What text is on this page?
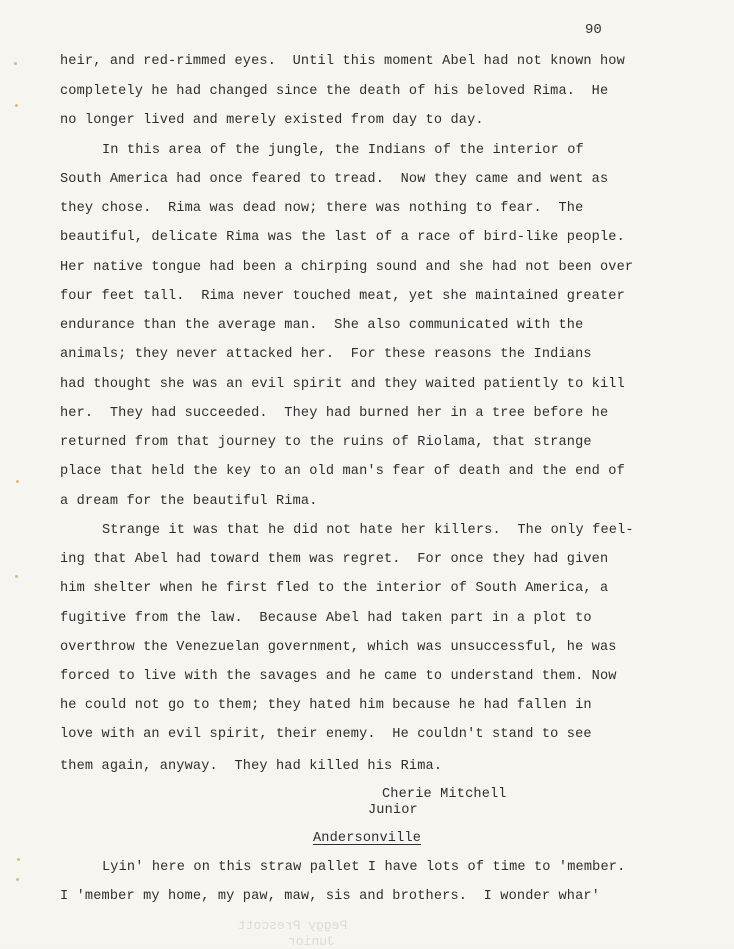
90
Peggy Prescott
Junior
heir, and red-rimmed eyes.  Until this moment Abel had not known how
completely he had changed since the death of his beloved Rima.  He
no longer lived and merely existed from day to day.
In this area of the jungle, the Indians of the interior of
South America had once feared to tread.  Now they came and went as
they chose.  Rima was dead now; there was nothing to fear.  The
beautiful, delicate Rima was the last of a race of bird-like people.
Her native tongue had been a chirping sound and she had not been over
four feet tall.  Rima never touched meat, yet she maintained greater
endurance than the average man.  She also communicated with the
animals; they never attacked her.  For these reasons the Indians
had thought she was an evil spirit and they waited patiently to kill
her.  They had succeeded.  They had burned her in a tree before he
returned from that journey to the ruins of Riolama, that strange
place that held the key to an old man's fear of death and the end of
a dream for the beautiful Rima.
Strange it was that he did not hate her killers.  The only feel-
ing that Abel had toward them was regret.  For once they had given
him shelter when he first fled to the interior of South America, a
fugitive from the law.  Because Abel had taken part in a plot to
overthrow the Venezuelan government, which was unsuccessful, he was
forced to live with the savages and he came to understand them. Now
he could not go to them; they hated him because he had fallen in
love with an evil spirit, their enemy.  He couldn't stand to see
them again, anyway.  They had killed his Rima.
Cherie Mitchell
Junior
Andersonville
Lyin' here on this straw pallet I have lots of time to 'member.
I 'member my home, my paw, maw, sis and brothers.  I wonder whar'
